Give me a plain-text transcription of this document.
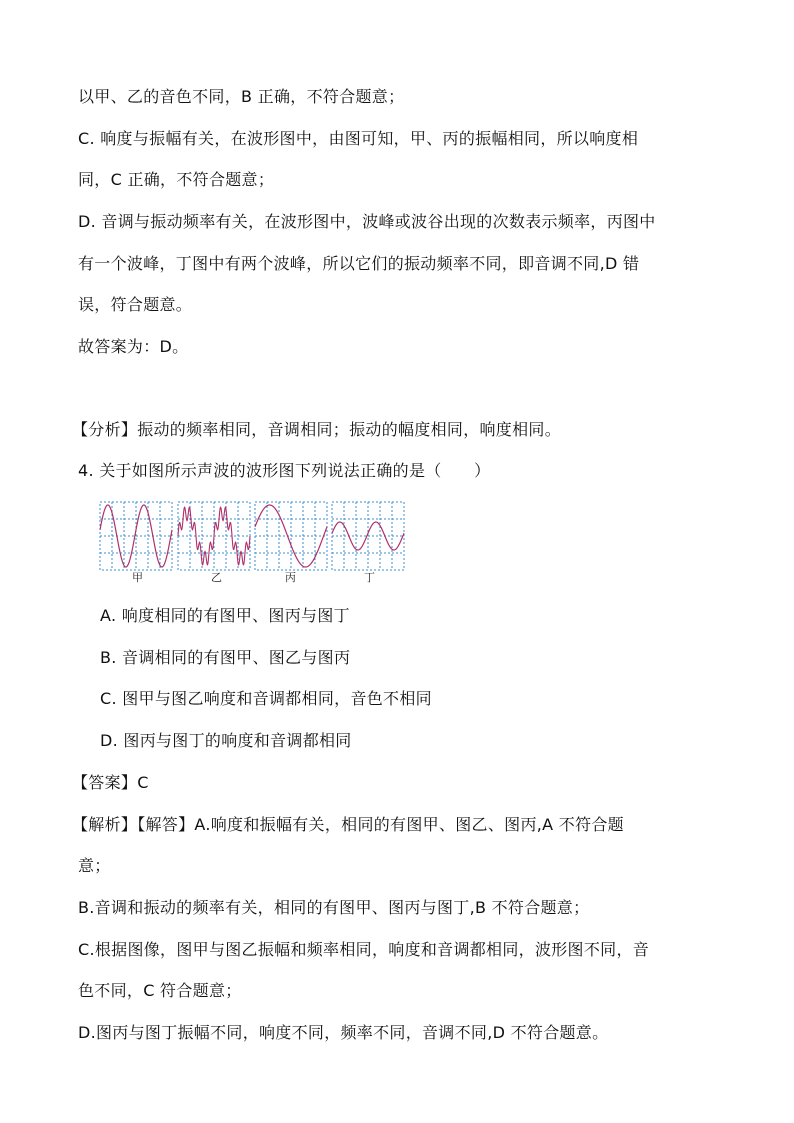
以甲、乙的音色不同，B 正确，不符合题意；
C. 响度与振幅有关，在波形图中，由图可知，甲、丙的振幅相同，所以响度相
同，C 正确，不符合题意；
D. 音调与振动频率有关，在波形图中，波峰或波谷出现的次数表示频率，丙图中
有一个波峰，丁图中有两个波峰，所以它们的振动频率不同，即音调不同,D 错
误，符合题意。
故答案为：D。
【分析】振动的频率相同，音调相同；振动的幅度相同，响度相同。
4. 关于如图所示声波的波形图下列说法正确的是（　　）
甲	乙	丙	丁
A. 响度相同的有图甲、图丙与图丁
B. 音调相同的有图甲、图乙与图丙
C. 图甲与图乙响度和音调都相同，音色不相同
D. 图丙与图丁的响度和音调都相同
【答案】C
【解析】【解答】A.响度和振幅有关，相同的有图甲、图乙、图丙,A 不符合题
意；
B.音调和振动的频率有关，相同的有图甲、图丙与图丁,B 不符合题意；
C.根据图像，图甲与图乙振幅和频率相同，响度和音调都相同，波形图不同，音
色不同，C 符合题意；
D.图丙与图丁振幅不同，响度不同，频率不同，音调不同,D 不符合题意。
